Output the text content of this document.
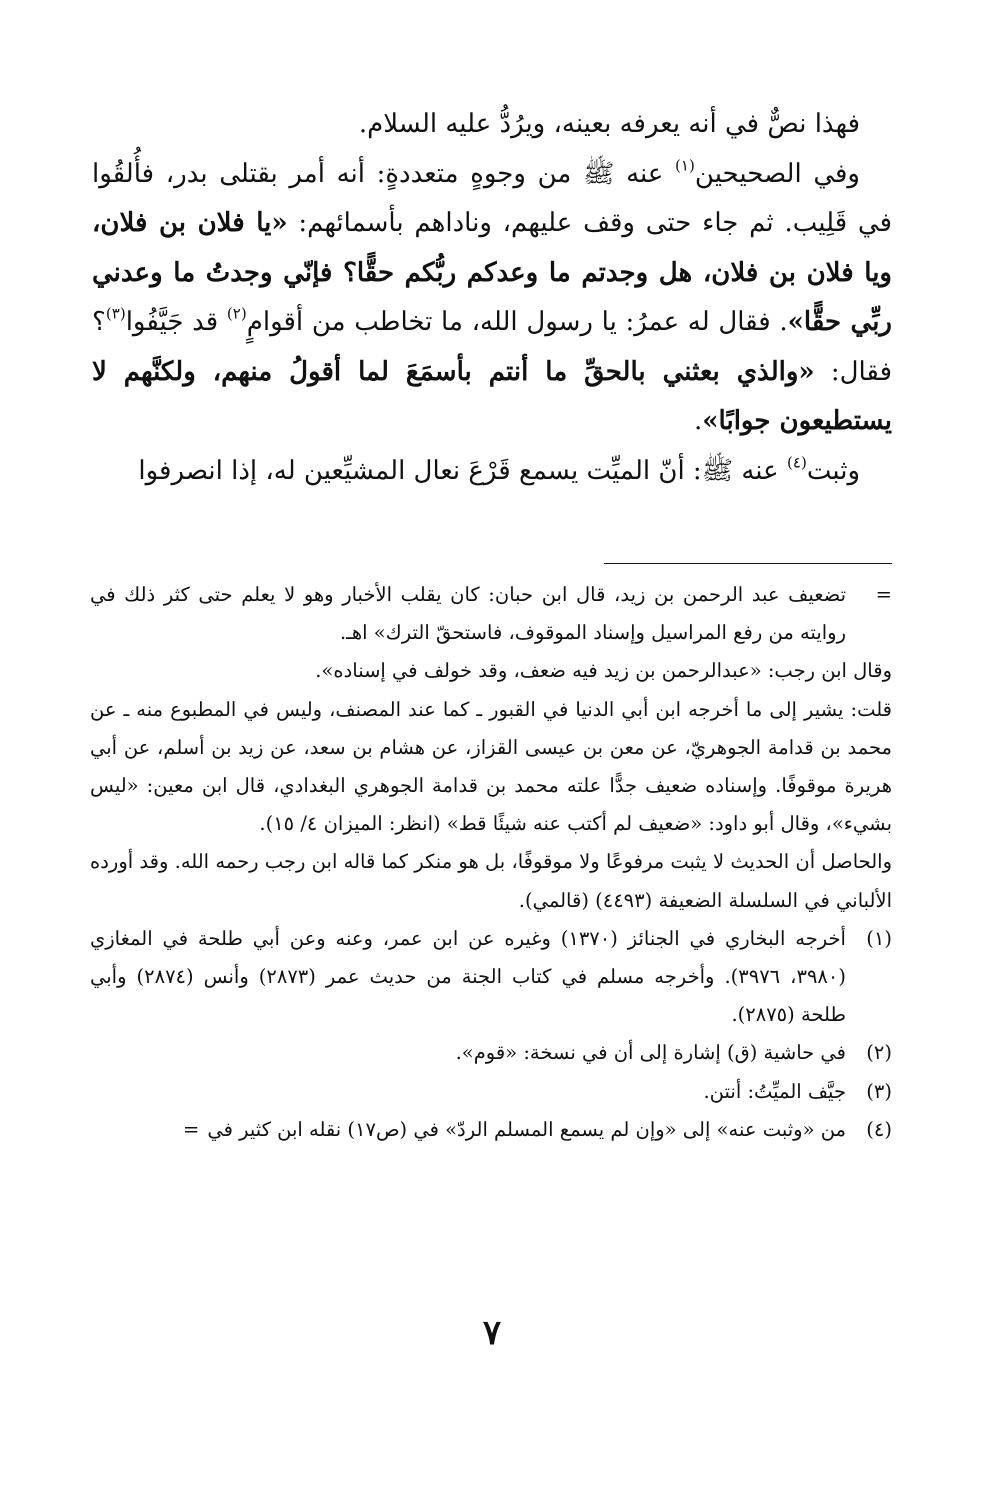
فهذا نصٌّ في أنه يعرفه بعينه، ويرُدُّ عليه السلام.

وفي الصحيحين$^{(١)}$ عنه ﷺ من وجوهٍ متعددةٍ: أنه أمر بقتلى بدر، فأُلقُوا في قَلِيب. ثم جاء حتى وقف عليهم، وناداهم بأسمائهم: «يا فلان بن فلان، ويا فلان بن فلان، هل وجدتم ما وعدكم ربُّكم حقًّا؟ فإنّي وجدتُ ما وعدني ربِّي حقًّا». فقال له عمرُ: يا رسول الله، ما تخاطب من أقوامٍ$^{(٢)}$ قد جَيَّفُوا$^{(٣)}$؟ فقال: «والذي بعثني بالحقِّ ما أنتم بأسمَعَ لما أقولُ منهم، ولكنَّهم لا يستطيعون جوابًا».

وثبت$^{(٤)}$ عنه ﷺ: أنّ الميِّت يسمع قَرْعَ نعال المشيِّعين له، إذا انصرفوا

=
تضعيف عبد الرحمن بن زيد، قال ابن حبان: كان يقلب الأخبار وهو لا يعلم حتى كثر ذلك في روايته من رفع المراسيل وإسناد الموقوف، فاستحقّ الترك» اهـ.

وقال ابن رجب: «عبدالرحمن بن زيد فيه ضعف، وقد خولف في إسناده».

قلت: يشير إلى ما أخرجه ابن أبي الدنيا في القبور ـ كما عند المصنف، وليس في المطبوع منه ـ عن محمد بن قدامة الجوهريّ، عن معن بن عيسى القزاز، عن هشام بن سعد، عن زيد بن أسلم، عن أبي هريرة موقوفًا. وإسناده ضعيف جدًّا علته محمد بن قدامة الجوهري البغدادي، قال ابن معين: «ليس بشيء»، وقال أبو داود: «ضعيف لم أكتب عنه شيئًا قط» (انظر: الميزان ٤/ ١٥).

والحاصل أن الحديث لا يثبت مرفوعًا ولا موقوفًا، بل هو منكر كما قاله ابن رجب رحمه الله. وقد أورده الألباني في السلسلة الضعيفة (٤٤٩٣) (قالمي).

(١)
أخرجه البخاري في الجنائز (١٣٧٠) وغيره عن ابن عمر، وعنه وعن أبي طلحة في المغازي (٣٩٨٠، ٣٩٧٦). وأخرجه مسلم في كتاب الجنة من حديث عمر (٢٨٧٣) وأنس (٢٨٧٤) وأبي طلحة (٢٨٧٥).
(٢)
في حاشية (ق) إشارة إلى أن في نسخة: «قوم».
(٣)
جيَّف الميِّتُ: أنتن.
(٤)
من «وثبت عنه» إلى «وإن لم يسمع المسلم الردّ» في (ص١٧) نقله ابن كثير في=
٧
